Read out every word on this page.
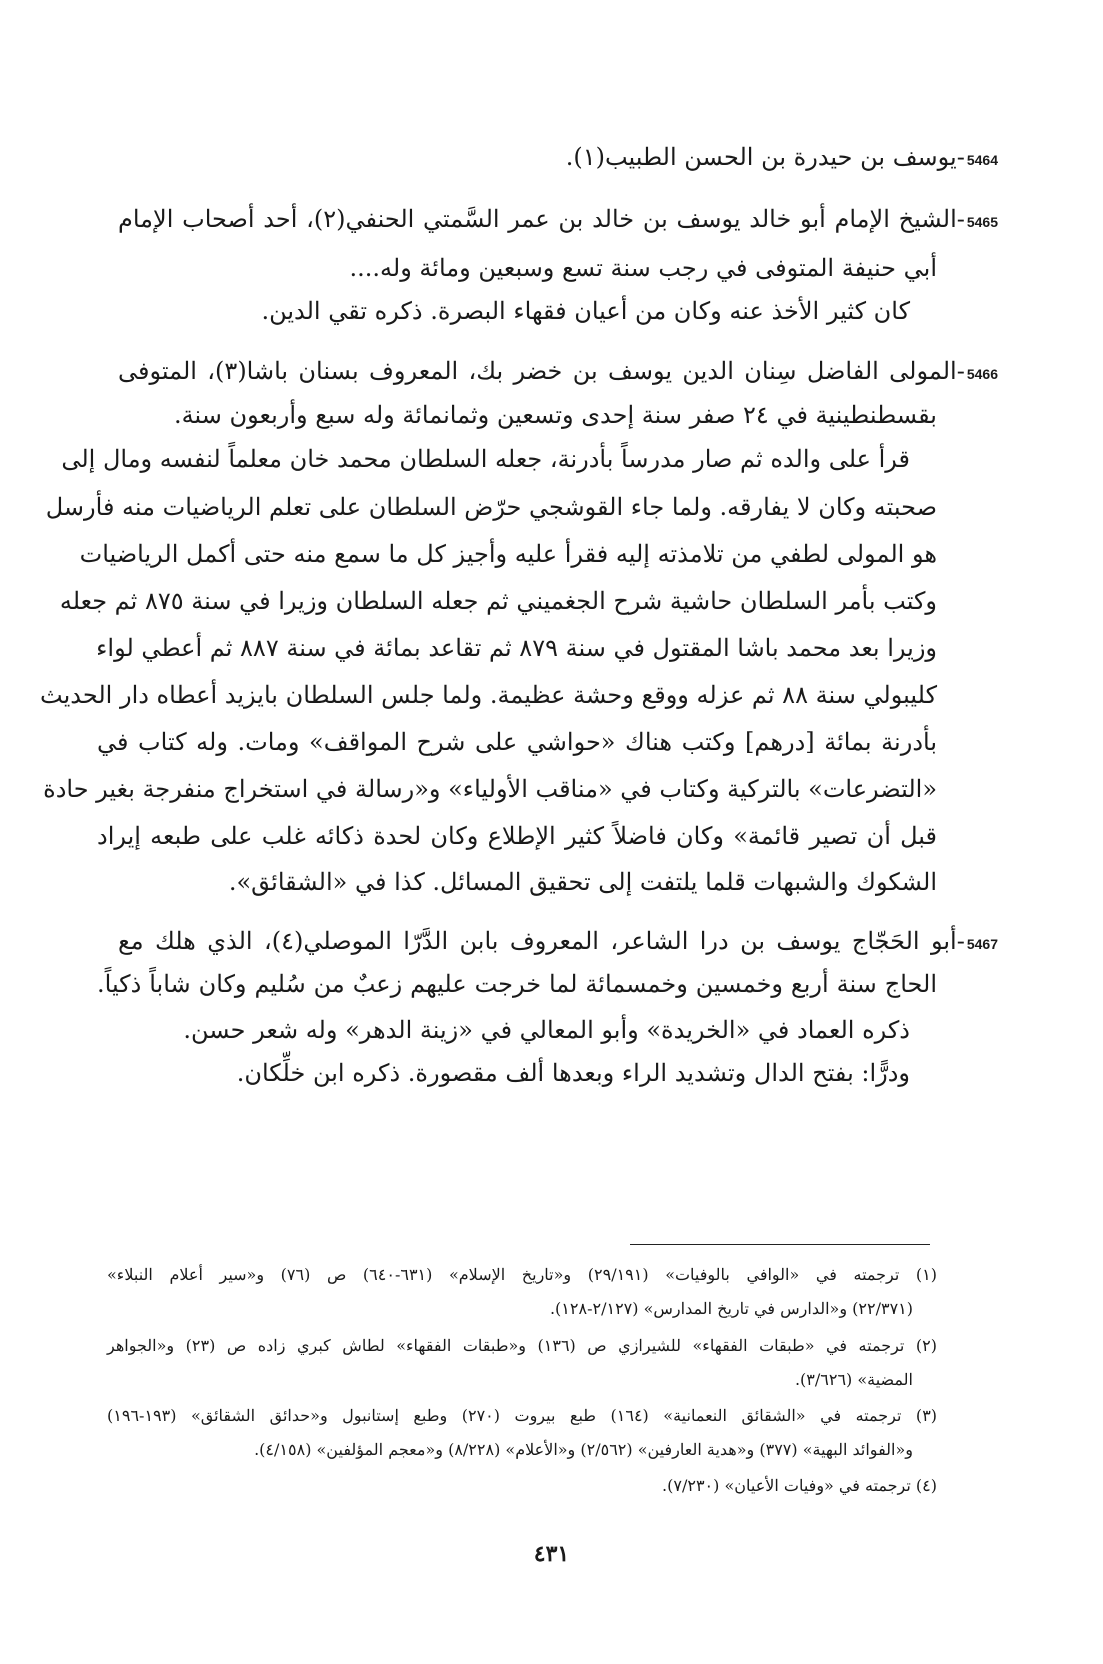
5464-يوسف بن حيدرة بن الحسن الطبيب(١).
5465-الشيخ الإمام أبو خالد يوسف بن خالد بن عمر السَّمتي الحنفي(٢)، أحد أصحاب الإمام
أبي حنيفة المتوفى في رجب سنة تسع وسبعين ومائة وله....
كان كثير الأخذ عنه وكان من أعيان فقهاء البصرة. ذكره تقي الدين.
5466-المولى الفاضل سِنان الدين يوسف بن خضر بك، المعروف بسنان باشا(٣)، المتوفى
بقسطنطينية في ٢٤ صفر سنة إحدى وتسعين وثمانمائة وله سبع وأربعون سنة.
قرأ على والده ثم صار مدرساً بأدرنة، جعله السلطان محمد خان معلماً لنفسه ومال إلى
صحبته وكان لا يفارقه. ولما جاء القوشجي حرّض السلطان على تعلم الرياضيات منه فأرسل
هو المولى لطفي من تلامذته إليه فقرأ عليه وأجيز كل ما سمع منه حتى أكمل الرياضيات
وكتب بأمر السلطان حاشية شرح الجغميني ثم جعله السلطان وزيرا في سنة ٨٧٥ ثم جعله
وزيرا بعد محمد باشا المقتول في سنة ٨٧٩ ثم تقاعد بمائة في سنة ٨٨٧ ثم أعطي لواء
كليبولي سنة ٨٨ ثم عزله ووقع وحشة عظيمة. ولما جلس السلطان بايزيد أعطاه دار الحديث
بأدرنة بمائة [درهم] وكتب هناك «حواشي على شرح المواقف» ومات. وله كتاب في
«التضرعات» بالتركية وكتاب في «مناقب الأولياء» و«رسالة في استخراج منفرجة بغير حادة
قبل أن تصير قائمة» وكان فاضلاً كثير الإطلاع وكان لحدة ذكائه غلب على طبعه إيراد
الشكوك والشبهات قلما يلتفت إلى تحقيق المسائل. كذا في «الشقائق».
5467-أبو الحَجّاج يوسف بن درا الشاعر، المعروف بابن الدَّرّا الموصلي(٤)، الذي هلك مع
الحاج سنة أربع وخمسين وخمسمائة لما خرجت عليهم زعبٌ من سُليم وكان شاباً ذكياً.
ذكره العماد في «الخريدة» وأبو المعالي في «زينة الدهر» وله شعر حسن.
ودرًّا: بفتح الدال وتشديد الراء وبعدها ألف مقصورة. ذكره ابن خلِّكان.
(١) ترجمته في «الوافي بالوفيات» (٢٩/١٩١) و«تاريخ الإسلام» (٦٣١-٦٤٠) ص (٧٦) و«سير أعلام النبلاء»
(٢٢/٣٧١) و«الدارس في تاريخ المدارس» (٢/١٢٧-١٢٨).
(٢) ترجمته في «طبقات الفقهاء» للشيرازي ص (١٣٦) و«طبقات الفقهاء» لطاش كبري زاده ص (٢٣) و«الجواهر
المضية» (٣/٦٢٦).
(٣) ترجمته في «الشقائق النعمانية» (١٦٤) طبع بيروت (٢٧٠) وطبع إستانبول و«حدائق الشقائق» (١٩٣-١٩٦)
و«الفوائد البهية» (٣٧٧) و«هدية العارفين» (٢/٥٦٢) و«الأعلام» (٨/٢٢٨) و«معجم المؤلفين» (٤/١٥٨).
(٤) ترجمته في «وفيات الأعيان» (٧/٢٣٠).
٤٣١
